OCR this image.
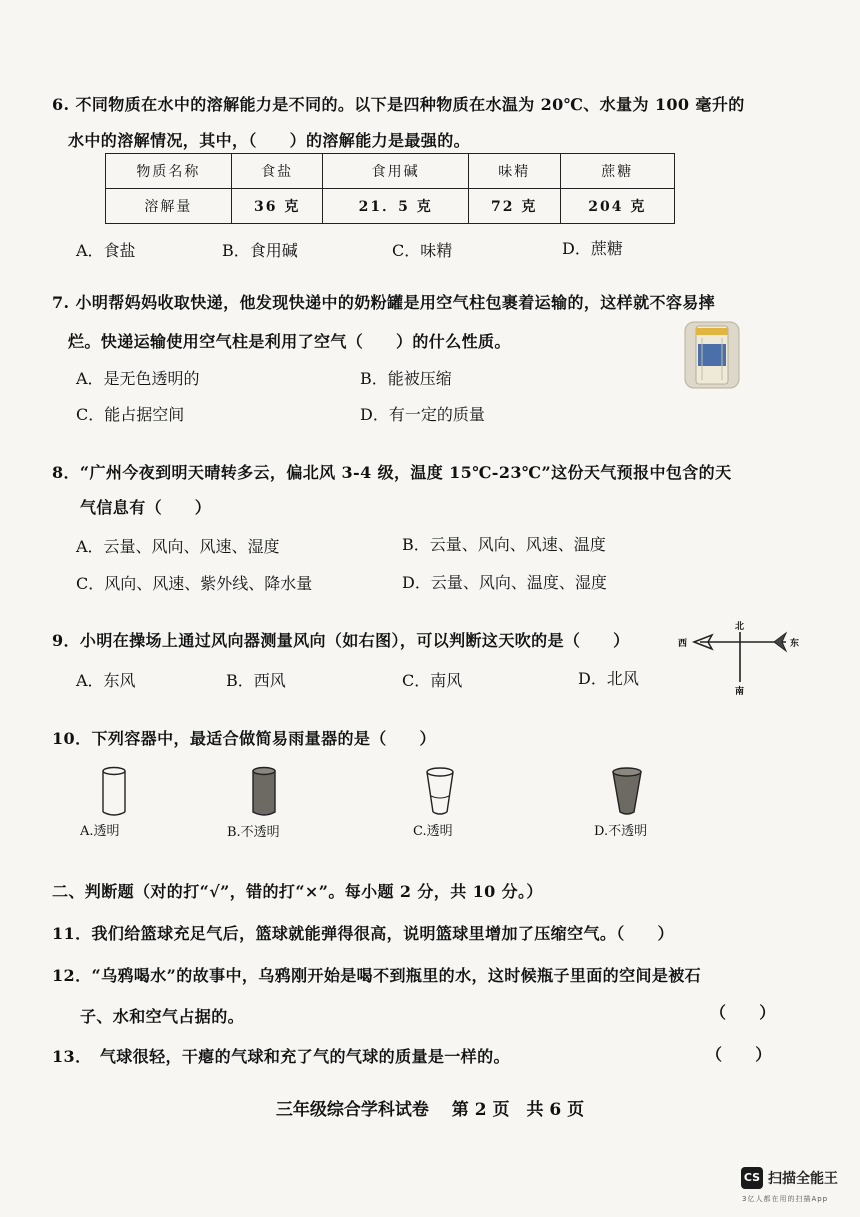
6. 不同物质在水中的溶解能力是不同的。以下是四种物质在水温为 20℃、水量为 100 毫升的
水中的溶解情况，其中，（　　）的溶解能力是最强的。
物质名称	食盐	食用碱	味精	蔗糖
溶解量	36 克	21．5 克	72 克	204 克
A．食盐	B．食用碱	C．味精	D．蔗糖
7. 小明帮妈妈收取快递，他发现快递中的奶粉罐是用空气柱包裹着运输的，这样就不容易摔
烂。快递运输使用空气柱是利用了空气（　　）的什么性质。
A．是无色透明的	B．能被压缩
C．能占据空间	D．有一定的质量
8．“广州今夜到明天晴转多云，偏北风 3-4 级，温度 15℃-23℃”这份天气预报中包含的天
气信息有（　　）
A．云量、风向、风速、湿度	B．云量、风向、风速、温度
C．风向、风速、紫外线、降水量	D．云量、风向、温度、湿度
9．小明在操场上通过风向器测量风向（如右图），可以判断这天吹的是（　　）
A．东风	B．西风	C．南风	D．北风
北
南
东
西
10．下列容器中，最适合做简易雨量器的是（　　）
A.透明	B.不透明	C.透明	D.不透明
二、判断题（对的打“√”，错的打“×”。每小题 2 分，共 10 分。）
11．我们给篮球充足气后，篮球就能弹得很高，说明篮球里增加了压缩空气。（　　）
12．“乌鸦喝水”的故事中，乌鸦刚开始是喝不到瓶里的水，这时候瓶子里面的空间是被石
子、水和空气占据的。	（　　）
13．　气球很轻，干瘪的气球和充了气的气球的质量是一样的。	（　　）
三年级综合学科试卷　 第 2 页　共 6 页
CS 扫描全能王
3亿人都在用的扫描App
